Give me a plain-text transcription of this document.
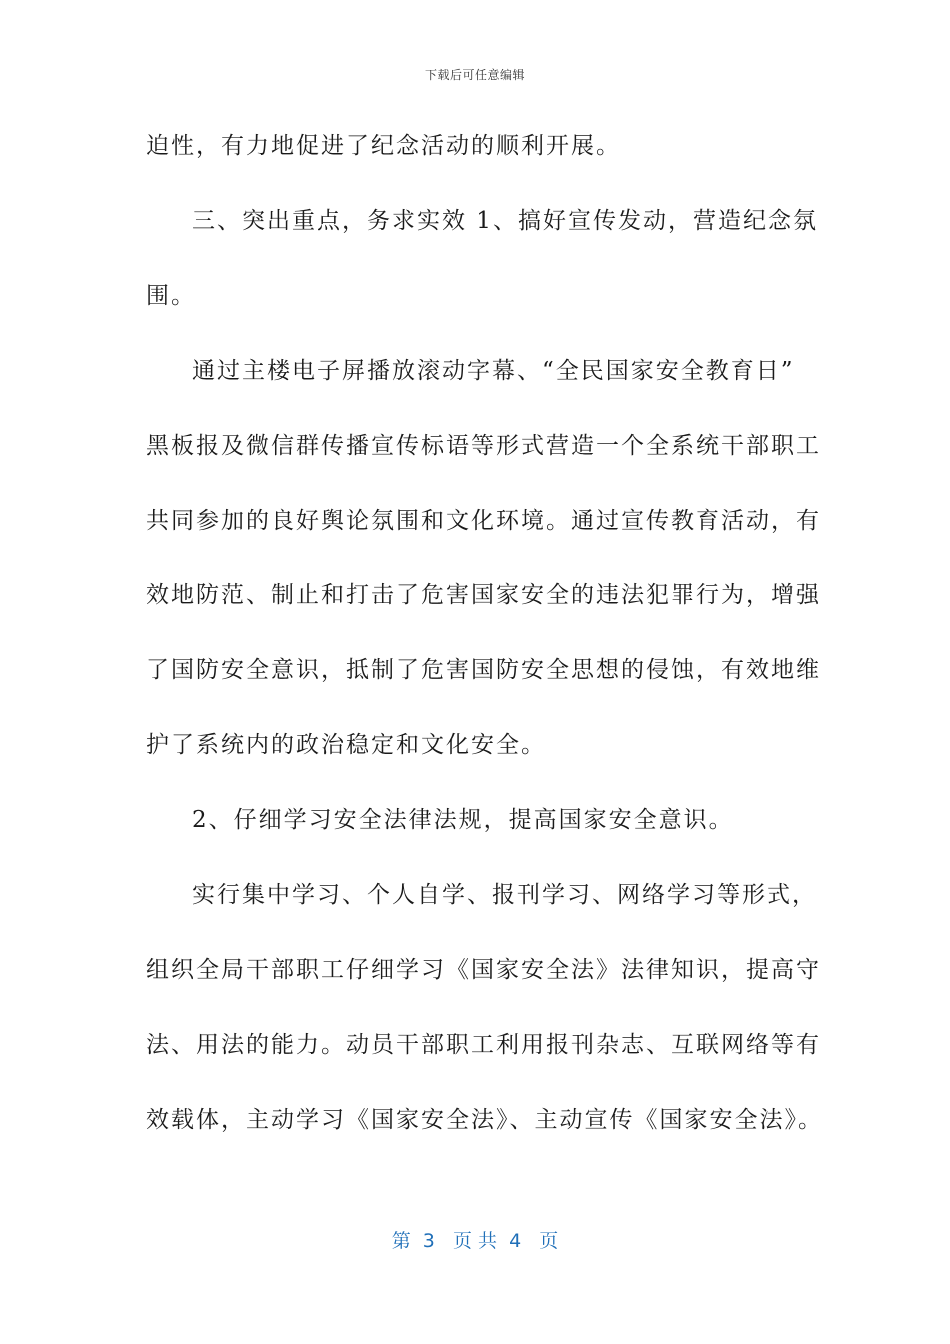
下载后可任意编辑
迫性，有力地促进了纪念活动的顺利开展。
三、突出重点，务求实效 1、搞好宣传发动，营造纪念氛
围。
通过主楼电子屏播放滚动字幕、“全民国家安全教育日”
黑板报及微信群传播宣传标语等形式营造一个全系统干部职工
共同参加的良好舆论氛围和文化环境。通过宣传教育活动，有
效地防范、制止和打击了危害国家安全的违法犯罪行为，增强
了国防安全意识，抵制了危害国防安全思想的侵蚀，有效地维
护了系统内的政治稳定和文化安全。
2、仔细学习安全法律法规，提高国家安全意识。
实行集中学习、个人自学、报刊学习、网络学习等形式，
组织全局干部职工仔细学习《国家安全法》法律知识，提高守
法、用法的能力。动员干部职工利用报刊杂志、互联网络等有
效载体，主动学习《国家安全法》、主动宣传《国家安全法》。
第  3   页 共  4   页
